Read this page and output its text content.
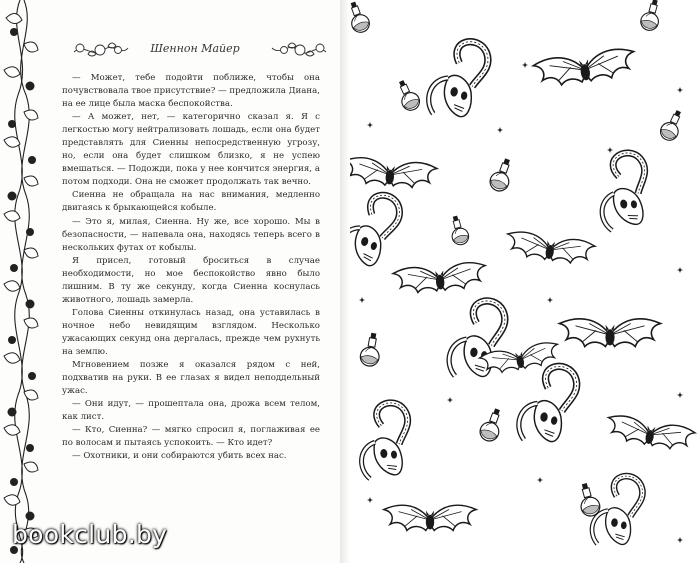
Шеннон Майер

— Может, тебе подойти поближе, чтобы она почувствовала твое присутствие? — предложила Диана, на ее лице была маска беспокойства.

— А может, нет, — категорично сказал я. Я с легкостью могу нейтрализовать лошадь, если она будет представлять для Сиенны непосредственную угрозу, но, если она будет слишком близко, я не успею вмешаться. — Подожди, пока у нее кончится энергия, а потом подходи. Она не сможет продолжать так вечно.

Сиенна не обращала на нас внимания, медленно двигаясь к брыкающейся кобыле.

— Это я, милая, Сиенна. Ну же, все хорошо. Мы в безопасности, — напевала она, находясь теперь всего в нескольких футах от кобылы.

Я присел, готовый броситься в случае необходимости, но мое беспокойство явно было лишним. В ту же секунду, когда Сиенна коснулась животного, лошадь замерла.

Голова Сиенны откинулась назад, она уставилась в ночное небо невидящим взглядом. Несколько ужасающих секунд она дергалась, прежде чем рухнуть на землю.

Мгновением позже я оказался рядом с ней, подхватив на руки. В ее глазах я видел неподдельный ужас.

— Они идут, — прошептала она, дрожа всем телом, как лист.

— Кто, Сиенна? — мягко спросил я, поглаживая ее по волосам и пытаясь успокоить. — Кто идет?

— Охотники, и они собираются убить всех нас.

bookclub.by
